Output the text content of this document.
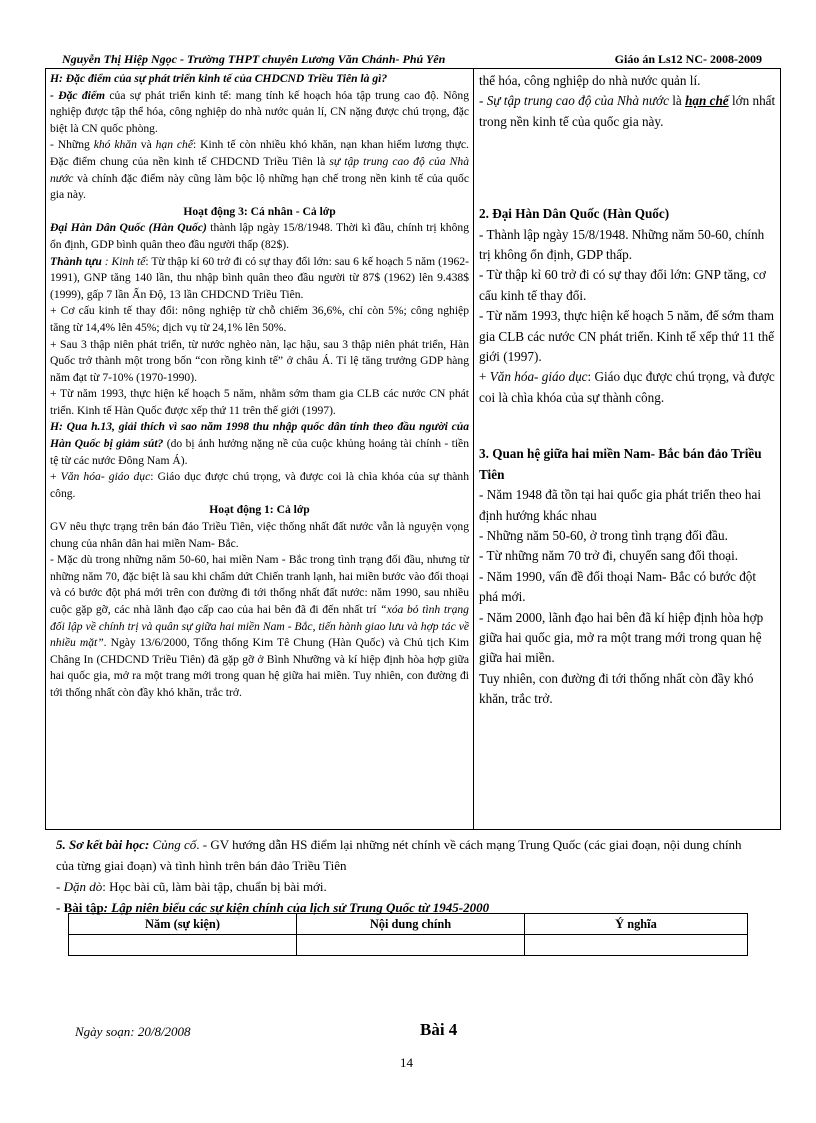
Nguyễn Thị Hiệp Ngọc - Trường THPT chuyên Lương Văn Chánh- Phú Yên	Giáo án Ls12 NC- 2008-2009

H: Đặc điểm của sự phát triển kinh tế của CHDCND Triều Tiên là gì?

- Đặc điểm của sự phát triển kinh tế: mang tính kế hoạch hóa tập trung cao độ. Nông nghiệp được tập thể hóa, công nghiệp do nhà nước quản lí, CN nặng được chú trọng, đặc biệt là CN quốc phòng.

- Những khó khăn và hạn chế: Kinh tế còn nhiều khó khăn, nạn khan hiếm lương thực. Đặc điểm chung của nền kinh tế CHDCND Triều Tiên là sự tập trung cao độ của Nhà nước và chính đặc điểm này cũng làm bộc lộ những hạn chế trong nền kinh tế của quốc gia này.

Hoạt động 3: Cá nhân - Cả lớp

Đại Hàn Dân Quốc (Hàn Quốc) thành lập ngày 15/8/1948. Thời kì đầu, chính trị không ổn định, GDP bình quân theo đầu người thấp (82$).

Thành tựu : Kinh tế: Từ thập kỉ 60 trở đi có sự thay đổi lớn: sau 6 kế hoạch 5 năm (1962-1991), GNP tăng 140 lần, thu nhập bình quân theo đầu người từ 87$ (1962) lên 9.438$ (1999), gấp 7 lần Ấn Độ, 13 lần CHDCND Triều Tiên.

+ Cơ cấu kinh tế thay đổi: nông nghiệp từ chỗ chiếm 36,6%, chỉ còn 5%; công nghiệp tăng từ 14,4% lên 45%; dịch vụ từ 24,1% lên 50%.

+ Sau 3 thập niên phát triển, từ nước nghèo nàn, lạc hậu, sau 3 thập niên phát triển, Hàn Quốc trở thành một trong bốn “con rồng kinh tế” ở châu Á. Tỉ lệ tăng trưởng GDP hàng năm đạt từ 7-10% (1970-1990).

+ Từ năm 1993, thực hiện kế hoạch 5 năm, nhằm sớm tham gia CLB các nước CN phát triển. Kinh tế Hàn Quốc được xếp thứ 11 trên thế giới (1997).

H: Qua h.13, giải thích vì sao năm 1998 thu nhập quốc dân tính theo đầu người của Hàn Quốc bị giảm sút? (do bị ảnh hưởng nặng nề của cuộc khủng hoảng tài chính - tiền tệ từ các nước Đông Nam Á).

+ Văn hóa- giáo dục: Giáo dục được chú trọng, và được coi là chìa khóa của sự thành công.

Hoạt động 1: Cả lớp

GV nêu thực trạng trên bán đảo Triều Tiên, việc thống nhất đất nước vẫn là nguyện vọng chung của nhân dân hai miền Nam- Bắc.

- Mặc dù trong những năm 50-60, hai miền Nam - Bắc trong tình trạng đối đầu, nhưng từ những năm 70, đặc biệt là sau khi chấm dứt Chiến tranh lạnh, hai miền bước vào đối thoại và có bước đột phá mới trên con đường đi tới thống nhất đất nước: năm 1990, sau nhiều cuộc gặp gỡ, các nhà lãnh đạo cấp cao của hai bên đã đi đến nhất trí “xóa bỏ tình trạng đối lập về chính trị và quân sự giữa hai miền Nam - Bắc, tiến hành giao lưu và hợp tác về nhiều mặt”. Ngày 13/6/2000, Tổng thống Kim Tê Chung (Hàn Quốc) và Chủ tịch Kim Châng In (CHDCND Triều Tiên) đã gặp gỡ ở Bình Nhưỡng và kí hiệp định hòa hợp giữa hai quốc gia, mở ra một trang mới trong quan hệ giữa hai miền. Tuy nhiên, con đường đi tới thống nhất còn đầy khó khăn, trắc trở.

thể hóa, công nghiệp do nhà nước quản lí.

- Sự tập trung cao độ của Nhà nước là hạn chế lớn nhất trong nền kinh tế của quốc gia này.

2. Đại Hàn Dân Quốc (Hàn Quốc)

- Thành lập ngày 15/8/1948. Những năm 50-60, chính trị không ổn định, GDP thấp.

- Từ thập kỉ 60 trở đi có sự thay đổi lớn: GNP tăng, cơ cấu kinh tế thay đổi.

- Từ năm 1993, thực hiện kế hoạch 5 năm, để sớm tham gia CLB các nước CN phát triển. Kinh tế xếp thứ 11 thế giới (1997).

+ Văn hóa- giáo dục: Giáo dục được chú trọng, và được coi là chìa khóa của sự thành công.

3. Quan hệ giữa hai miền Nam- Bắc bán đảo Triều Tiên

- Năm 1948 đã tồn tại hai quốc gia phát triển theo hai định hướng khác nhau

- Những năm 50-60, ở trong tình trạng đối đầu.

- Từ những năm 70 trở đi, chuyển sang đối thoại.

- Năm 1990, vấn đề đối thoại Nam- Bắc có bước đột phá mới.

- Năm 2000, lãnh đạo hai bên đã kí hiệp định hòa hợp giữa hai quốc gia, mở ra một trang mới trong quan hệ giữa hai miền.

Tuy nhiên, con đường đi tới thống nhất còn đầy khó khăn, trắc trở.

5. Sơ kết bài học: Củng cố. - GV hướng dẫn HS điểm lại những nét chính về cách mạng Trung Quốc (các giai đoạn, nội dung chính của từng giai đoạn) và tình hình trên bán đảo Triều Tiên

- Dặn dò: Học bài cũ, làm bài tập, chuẩn bị bài mới.

- Bài tập: Lập niên biểu các sự kiện chính của lịch sử Trung Quốc từ 1945-2000

Năm (sự kiện)	Nội dung chính	Ý nghĩa

Ngày soạn: 20/8/2008	Bài 4
14
